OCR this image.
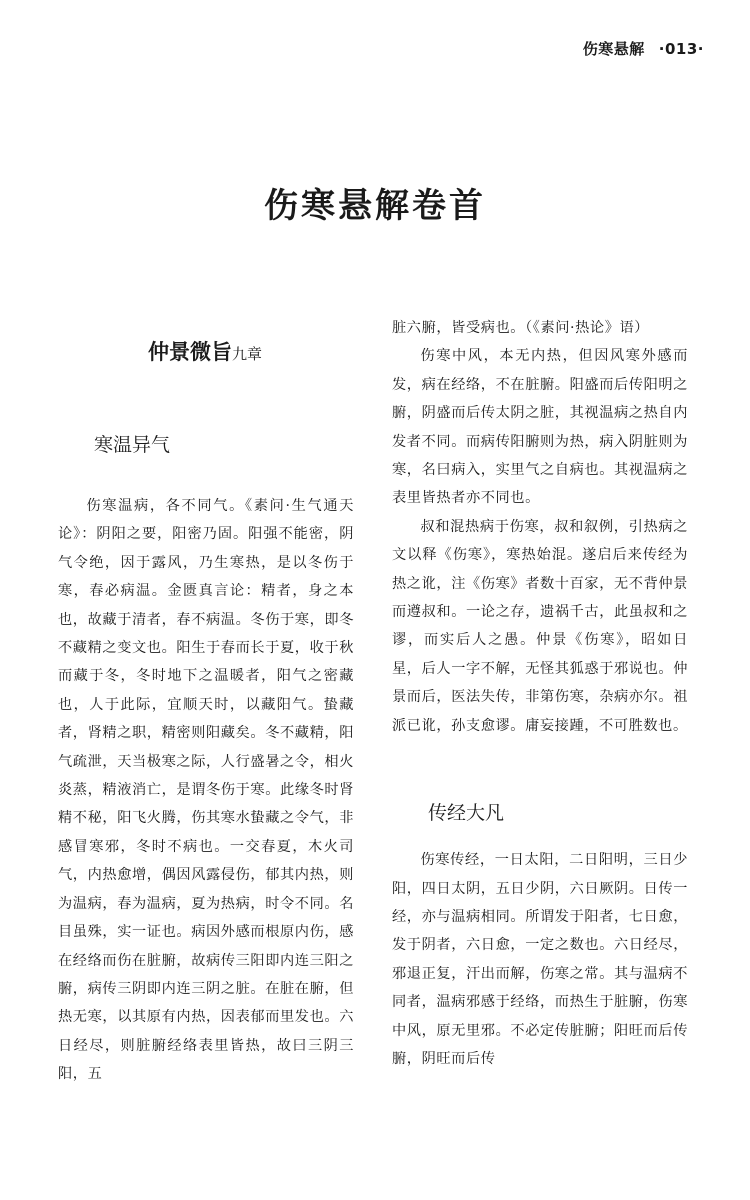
伤寒悬解 ·013·
伤寒悬解卷首
仲景微旨九章
寒温异气

伤寒温病，各不同气。《素问·生气通天论》：阴阳之要，阳密乃固。阳强不能密，阴气令绝，因于露风，乃生寒热，是以冬伤于寒，春必病温。金匮真言论：精者，身之本也，故藏于清者，春不病温。冬伤于寒，即冬不藏精之变文也。阳生于春而长于夏，收于秋而藏于冬，冬时地下之温暖者，阳气之密藏也，人于此际，宜顺天时，以藏阳气。蛰藏者，肾精之职，精密则阳藏矣。冬不藏精，阳气疏泄，天当极寒之际，人行盛暑之令，相火炎蒸，精液消亡，是谓冬伤于寒。此缘冬时肾精不秘，阳飞火腾，伤其寒水蛰藏之令气，非感冒寒邪，冬时不病也。一交春夏，木火司气，内热愈增，偶因风露侵伤，郁其内热，则为温病，春为温病，夏为热病，时令不同。名目虽殊，实一证也。病因外感而根原内伤，感在经络而伤在脏腑，故病传三阳即内连三阳之腑，病传三阴即内连三阴之脏。在脏在腑，但热无寒，以其原有内热，因表郁而里发也。六日经尽，则脏腑经络表里皆热，故曰三阴三阳，五

脏六腑，皆受病也。（《素问·热论》语）

伤寒中风，本无内热，但因风寒外感而发，病在经络，不在脏腑。阳盛而后传阳明之腑，阴盛而后传太阴之脏，其视温病之热自内发者不同。而病传阳腑则为热，病入阴脏则为寒，名曰病入，实里气之自病也。其视温病之表里皆热者亦不同也。

叔和混热病于伤寒，叔和叙例，引热病之文以释《伤寒》，寒热始混。遂启后来传经为热之讹，注《伤寒》者数十百家，无不背仲景而遵叔和。一论之存，遗祸千古，此虽叔和之谬，而实后人之愚。仲景《伤寒》，昭如日星，后人一字不解，无怪其狐惑于邪说也。仲景而后，医法失传，非第伤寒，杂病亦尔。祖派已讹，孙支愈谬。庸妄接踵，不可胜数也。

传经大凡

伤寒传经，一日太阳，二日阳明，三日少阳，四日太阴，五日少阴，六日厥阴。日传一经，亦与温病相同。所谓发于阳者，七日愈，发于阴者，六日愈，一定之数也。六日经尽，邪退正复，汗出而解，伤寒之常。其与温病不同者，温病邪感于经络，而热生于脏腑，伤寒中风，原无里邪。不必定传脏腑；阳旺而后传腑，阴旺而后传
